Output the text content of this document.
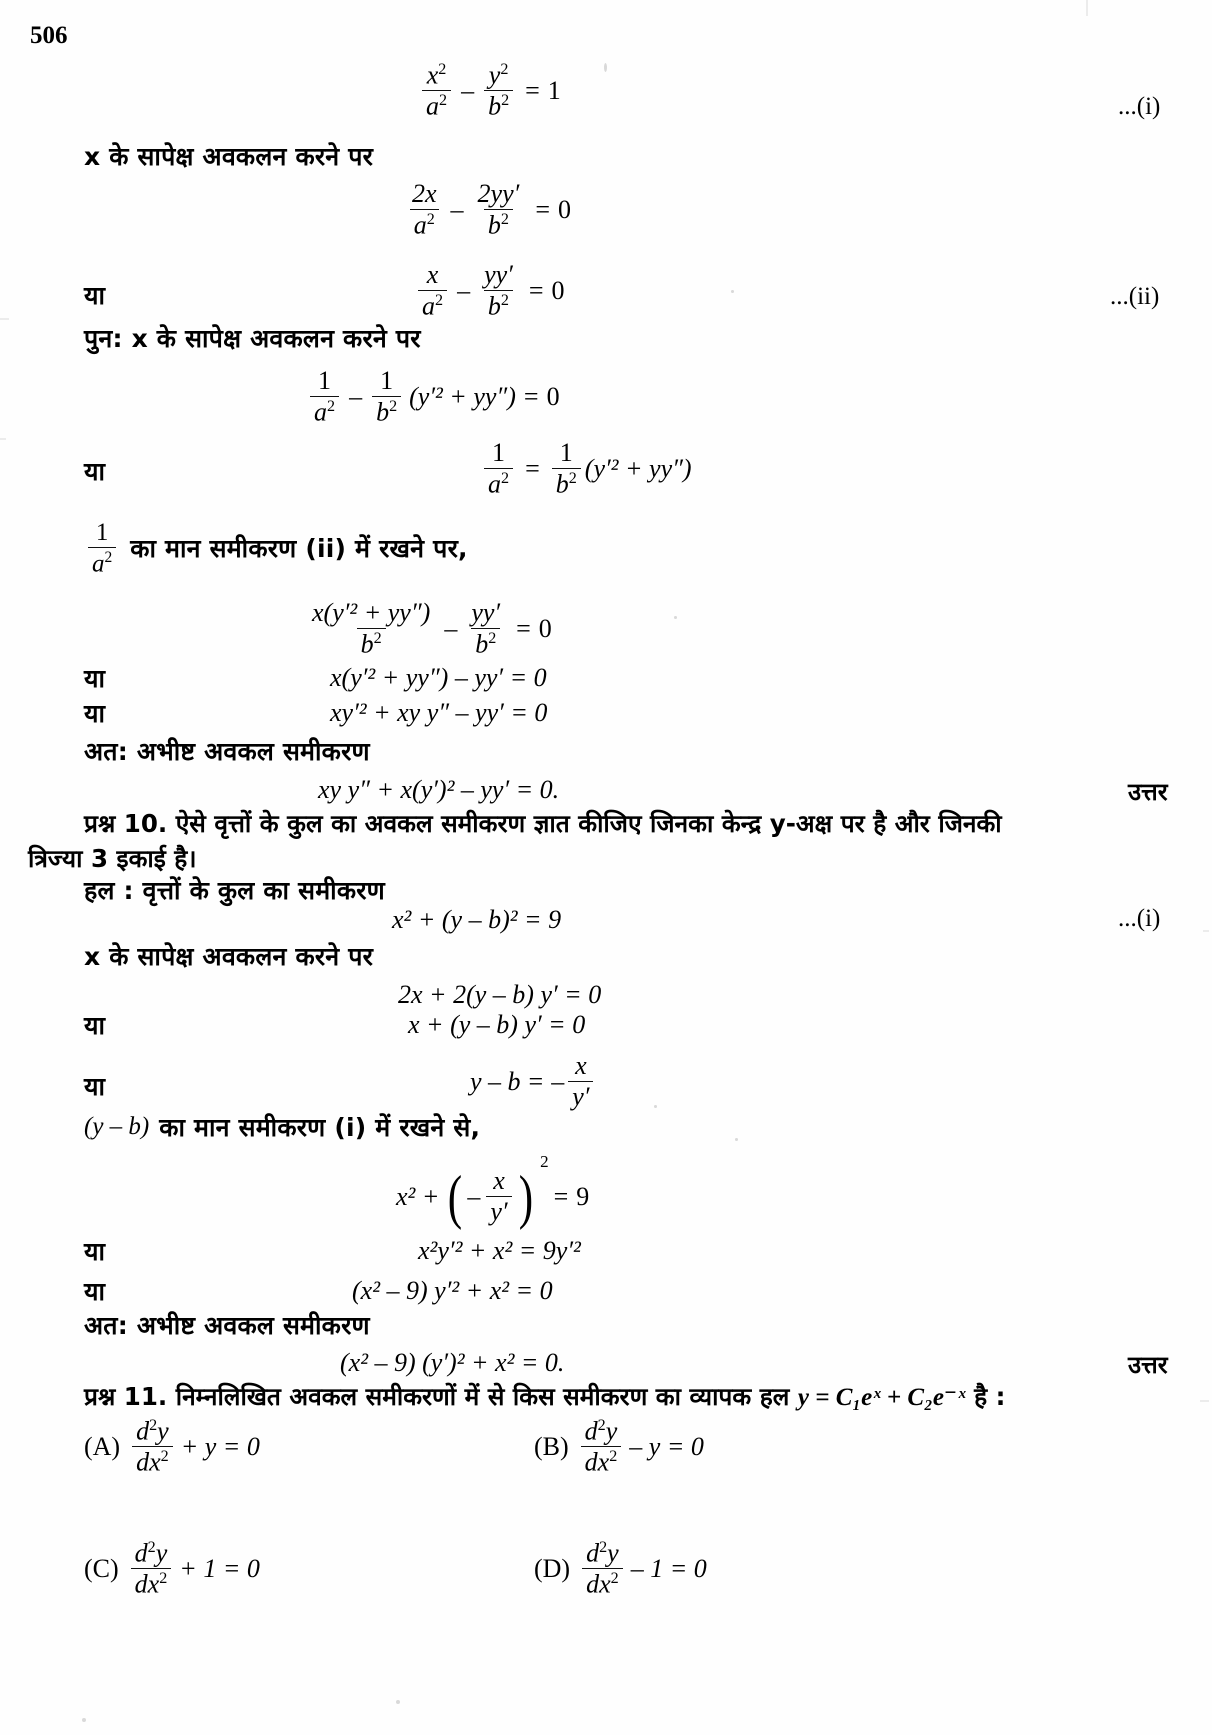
506
$\frac{x^2}{a^2} - \frac{y^2}{b^2} = 1$
...(i)
x के सापेक्ष अवकलन करने पर
$\frac{2x}{a^2} - \frac{2yy'}{b^2} = 0$
या	$\frac{x}{a^2} - \frac{yy'}{b^2} = 0$	...(ii)
पुन: x के सापेक्ष अवकलन करने पर
$\frac{1}{a^2} - \frac{1}{b^2} (y'^2 + yy'') = 0$
या	$\frac{1}{a^2} = \frac{1}{b^2} (y'^2 + yy'')$
$\frac{1}{a^2}$ का मान समीकरण (ii) में रखने पर,
$\frac{\text{x(y′² + yy″)}}{b^2} - \frac{yy'}{b^2} = 0$
या	x(y′² + yy″) – yy′ = 0
या	xy′² + xy y″ – yy′ = 0
अत: अभीष्ट अवकल समीकरण
xy y″ + x(y′)² – yy′ = 0.	उत्तर
प्रश्न 10. ऐसे वृत्तों के कुल का अवकल समीकरण ज्ञात कीजिए जिनका केन्द्र y-अक्ष पर है और जिनकी
त्रिज्या 3 इकाई है।
हल : वृत्तों के कुल का समीकरण
x² + (y – b)² = 9	...(i)
x के सापेक्ष अवकलन करने पर
2x + 2(y – b) y′ = 0
या	x + (y – b) y′ = 0
या	y – b = – $\frac{x}{y'}$
(y – b) का मान समीकरण (i) में रखने से,
x² + ( – $\frac{x}{y'}$ )
2
= 9
या	x²y′² + x² = 9y′²
या	(x² – 9) y′² + x² = 0
अत: अभीष्ट अवकल समीकरण
(x² – 9) (y′)² + x² = 0.	उत्तर
प्रश्न 11. निम्नलिखित अवकल समीकरणों में से किस समीकरण का व्यापक हल y = C₁eˣ + C₂e⁻ˣ है :
$(A) \frac{d^2y}{dx^2} + y = 0$	$(B) \frac{d^2y}{dx^2} - y = 0$
$(C) \frac{d^2y}{dx^2} + 1 = 0$	$(D) \frac{d^2y}{dx^2} - 1 = 0$
